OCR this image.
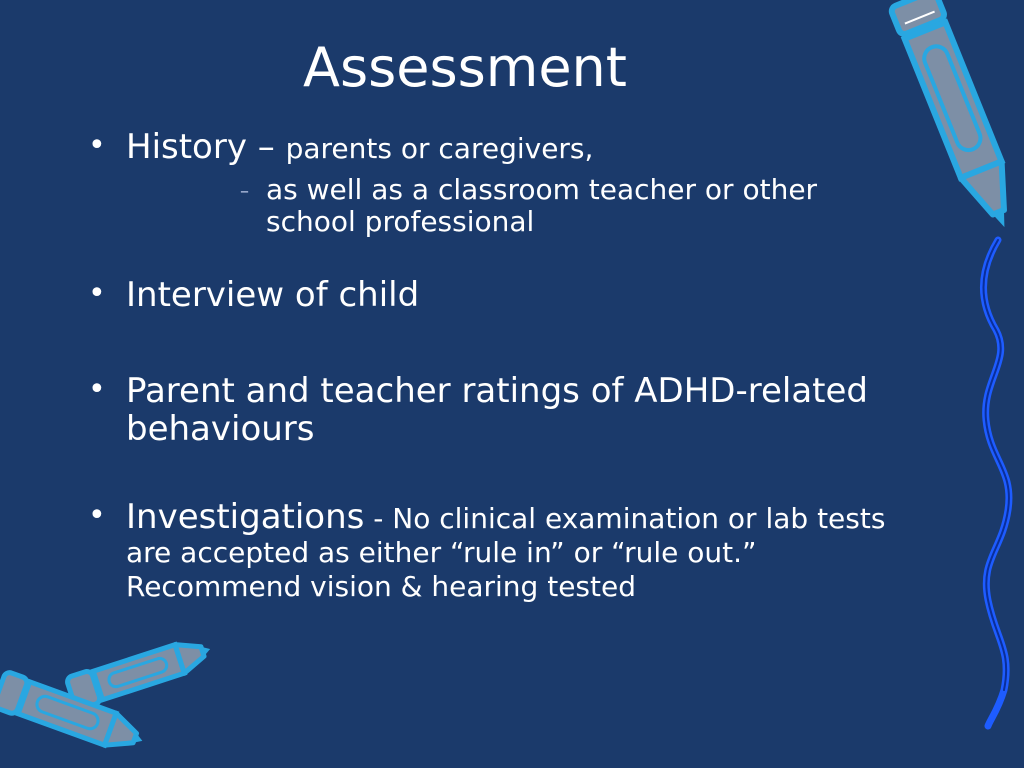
Assessment
• History – parents or caregivers,
– as well as a classroom teacher or other school professional
• Interview of child
• Parent and teacher ratings of ADHD-related behaviours
• Investigations - No clinical examination or lab tests are accepted as either “rule in” or “rule out.” Recommend vision & hearing tested
